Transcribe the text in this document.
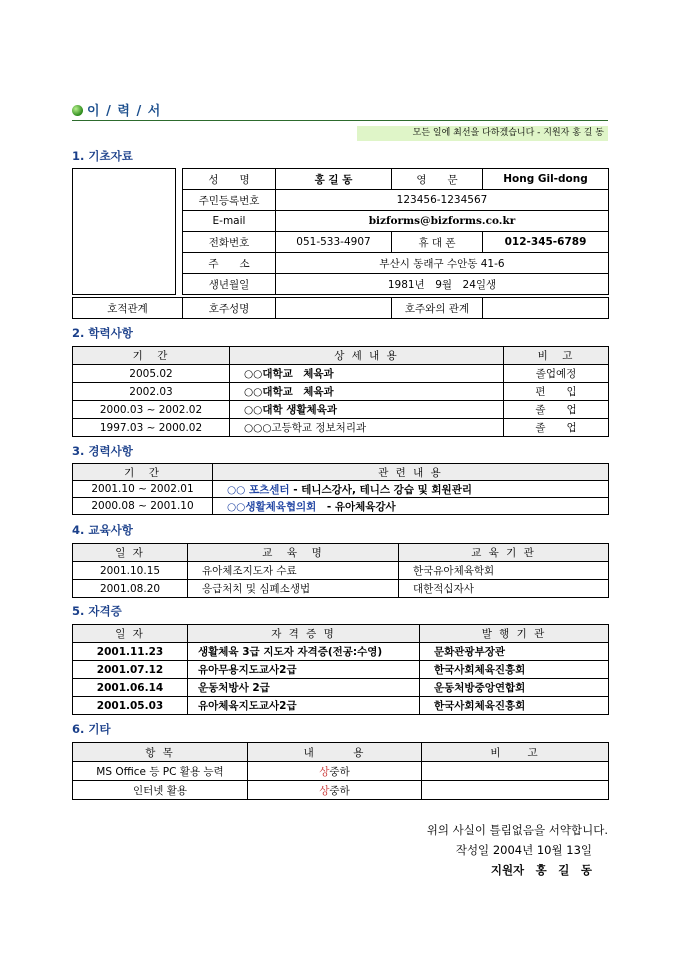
이 / 력 / 서
모든 일에 최선을 다하겠습니다 - 지원자 홍 길 동
1. 기초자료
성　　명	홍 길 동	영　　문	Hong Gil-dong
주민등록번호	123456-1234567		
E-mail	bizforms@bizforms.co.kr		
전화번호	051-533-4907	휴 대 폰	012-345-6789
주　　소	부산시 동래구 수안동 41-6		
생년월일	1981년　9월　24일생		
호적관계	호주성명		호주와의 관계	
2. 학력사항
기　간	상 세 내 용	비　고
2005.02	○○대학교　체육과	졸업예정
2002.03	○○대학교　체육과	편　　입
2000.03 ~ 2002.02	○○대학 생활체육과	졸　　업
1997.03 ~ 2000.02	○○○고등학교 정보처리과	졸　　업
3. 경력사항
기　간	관 련 내 용
2001.10 ~ 2002.01	○○ 포츠센터 - 테니스강사, 테니스 강습 및 회원관리
2000.08 ~ 2001.10	○○생활체육협의회　- 유아체육강사
4. 교육사항
일 자	교　육　명	교 육 기 관
2001.10.15	유아체조지도자 수료	한국유아체육학회
2001.08.20	응급처치 및 심폐소생법	대한적십자사
5. 자격증
일 자	자 격 증 명	발 행 기 관
2001.11.23	생활체육 3급 지도자 자격증(전공:수영)	문화관광부장관
2001.07.12	유아무용지도교사2급	한국사회체육진흥회
2001.06.14	운동처방사 2급	운동처방중앙연합회
2001.05.03	유아체육지도교사2급	한국사회체육진흥회
6. 기타
항 목	내　　　용	비　　고
MS Office 등 PC 활용 능력	상중하	
인터넷 활용	상중하	
위의 사실이 틀림없음을 서약합니다.
작성일 2004년 10월 13일
지원자　홍　길　동
